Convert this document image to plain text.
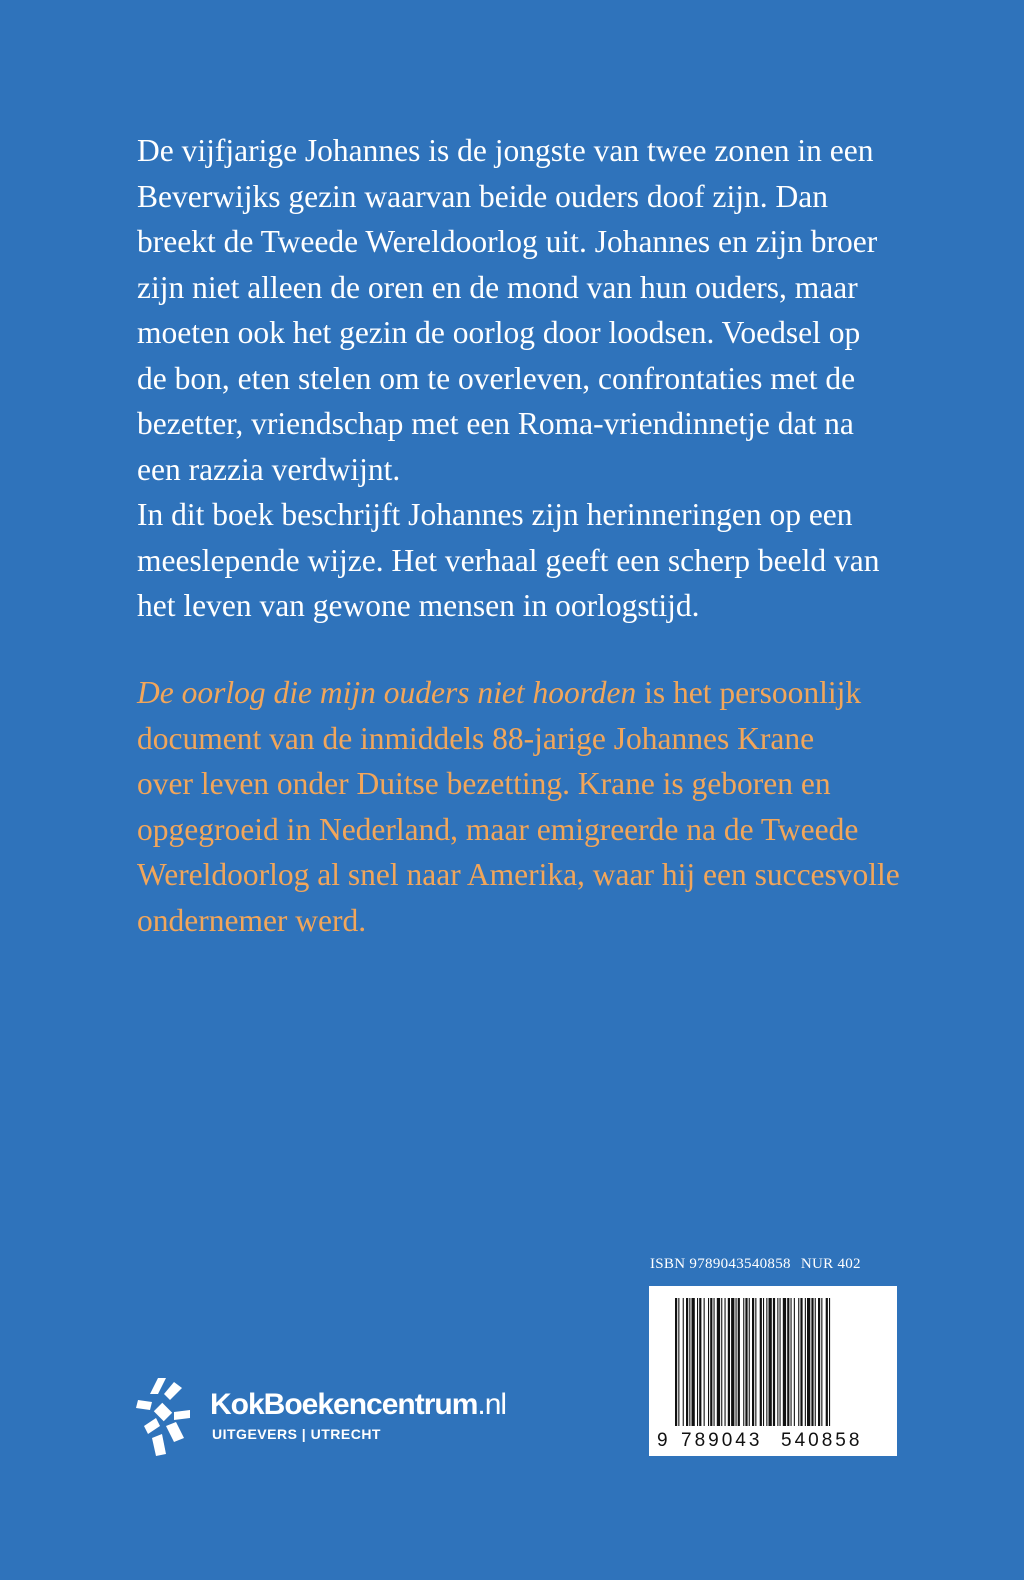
De vijfjarige Johannes is de jongste van twee zonen in een
Beverwijks gezin waarvan beide ouders doof zijn. Dan
breekt de Tweede Wereldoorlog uit. Johannes en zijn broer
zijn niet alleen de oren en de mond van hun ouders, maar
moeten ook het gezin de oorlog door loodsen. Voedsel op
de bon, eten stelen om te overleven, confrontaties met de
bezetter, vriendschap met een Roma-vriendinnetje dat na
een razzia verdwijnt.
In dit boek beschrijft Johannes zijn herinneringen op een
meeslepende wijze. Het verhaal geeft een scherp beeld van
het leven van gewone mensen in oorlogstijd.
De oorlog die mijn ouders niet hoorden is het persoonlijk
document van de inmiddels 88-jarige Johannes Krane
over leven onder Duitse bezetting. Krane is geboren en
opgegroeid in Nederland, maar emigreerde na de Tweede
Wereldoorlog al snel naar Amerika, waar hij een succesvolle
ondernemer werd.
ISBN 9789043540858 NUR 402
9 789043 540858
KokBoekencentrum.nl
UITGEVERS | UTRECHT
